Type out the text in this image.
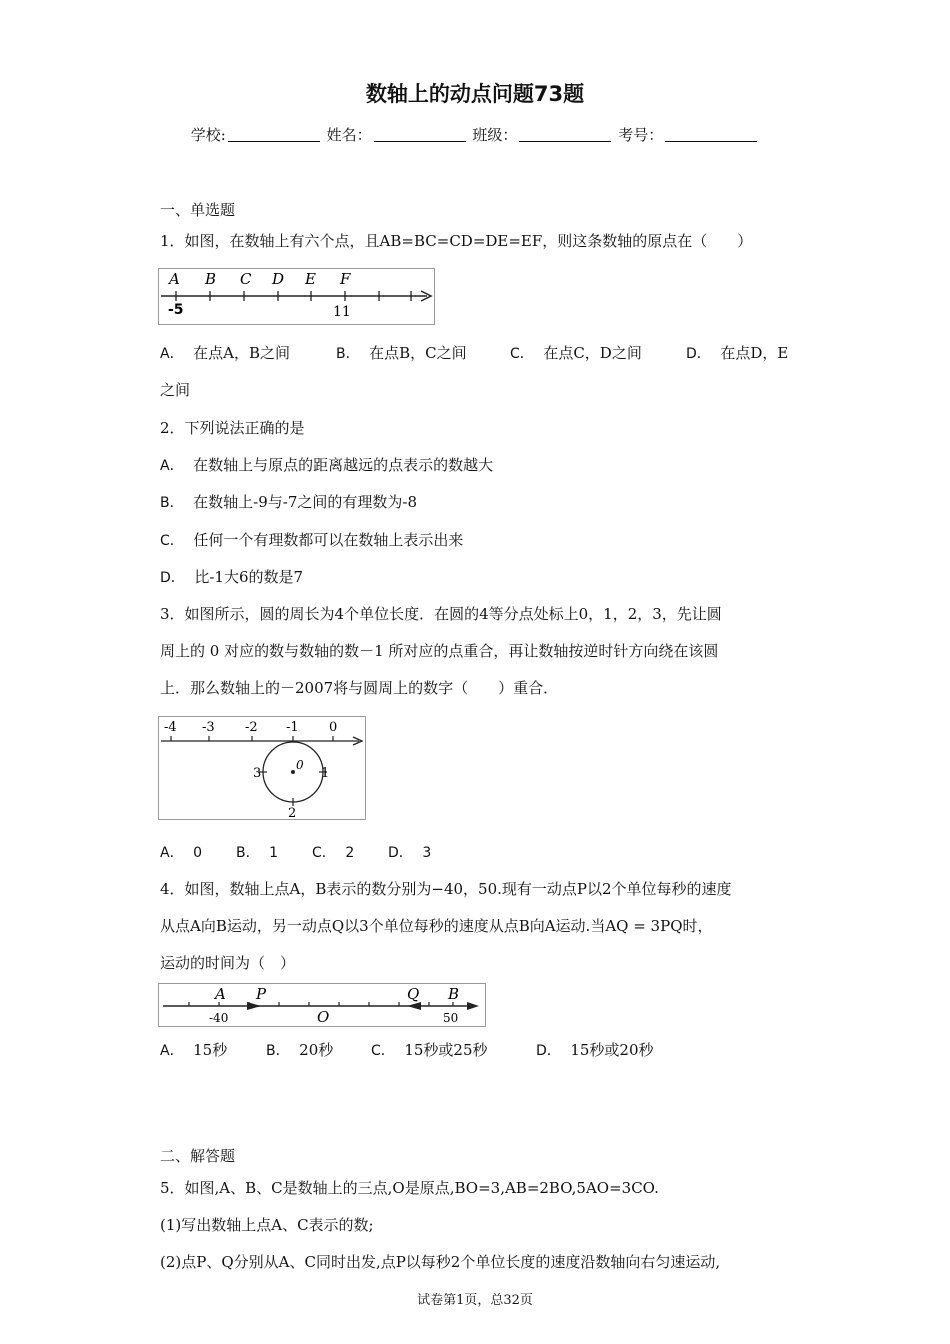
数轴上的动点问题73题
学校:	姓名：	班级：	考号：
一、单选题
1．如图，在数轴上有六个点，且AB=BC=CD=DE=EF，则这条数轴的原点在（　　）
A B C D E F
-5	11
A． 在点A，B之间	B． 在点B，C之间	C． 在点C，D之间	D． 在点D，E
之间
2．下列说法正确的是
A． 在数轴上与原点的距离越远的点表示的数越大
B． 在数轴上-9与-7之间的有理数为-8
C． 任何一个有理数都可以在数轴上表示出来
D． 比-1大6的数是7
3．如图所示，圆的周长为4个单位长度．在圆的4等分点处标上0，1，2，3，先让圆
周上的 0 对应的数与数轴的数－1 所对应的点重合，再让数轴按逆时针方向绕在该圆
上．那么数轴上的－2007将与圆周上的数字（　　）重合．
-4 -3 -2 -1 0
0
1
2
3
A． 0 B． 1 C． 2 D． 3
4．如图，数轴上点A，B表示的数分别为−40，50.现有一动点P以2个单位每秒的速度
从点A向B运动，另一动点Q以3个单位每秒的速度从点B向A运动.当AQ = 3PQ时，
运动的时间为（　）
A P	Q B
-40	O	50
A． 15秒	B． 20秒	C． 15秒或25秒	D． 15秒或20秒
二、解答题
5．如图,A、B、C是数轴上的三点,O是原点,BO=3,AB=2BO,5AO=3CO.
(1)写出数轴上点A、C表示的数;
(2)点P、Q分别从A、C同时出发,点P以每秒2个单位长度的速度沿数轴向右匀速运动,
试卷第1页，总32页
